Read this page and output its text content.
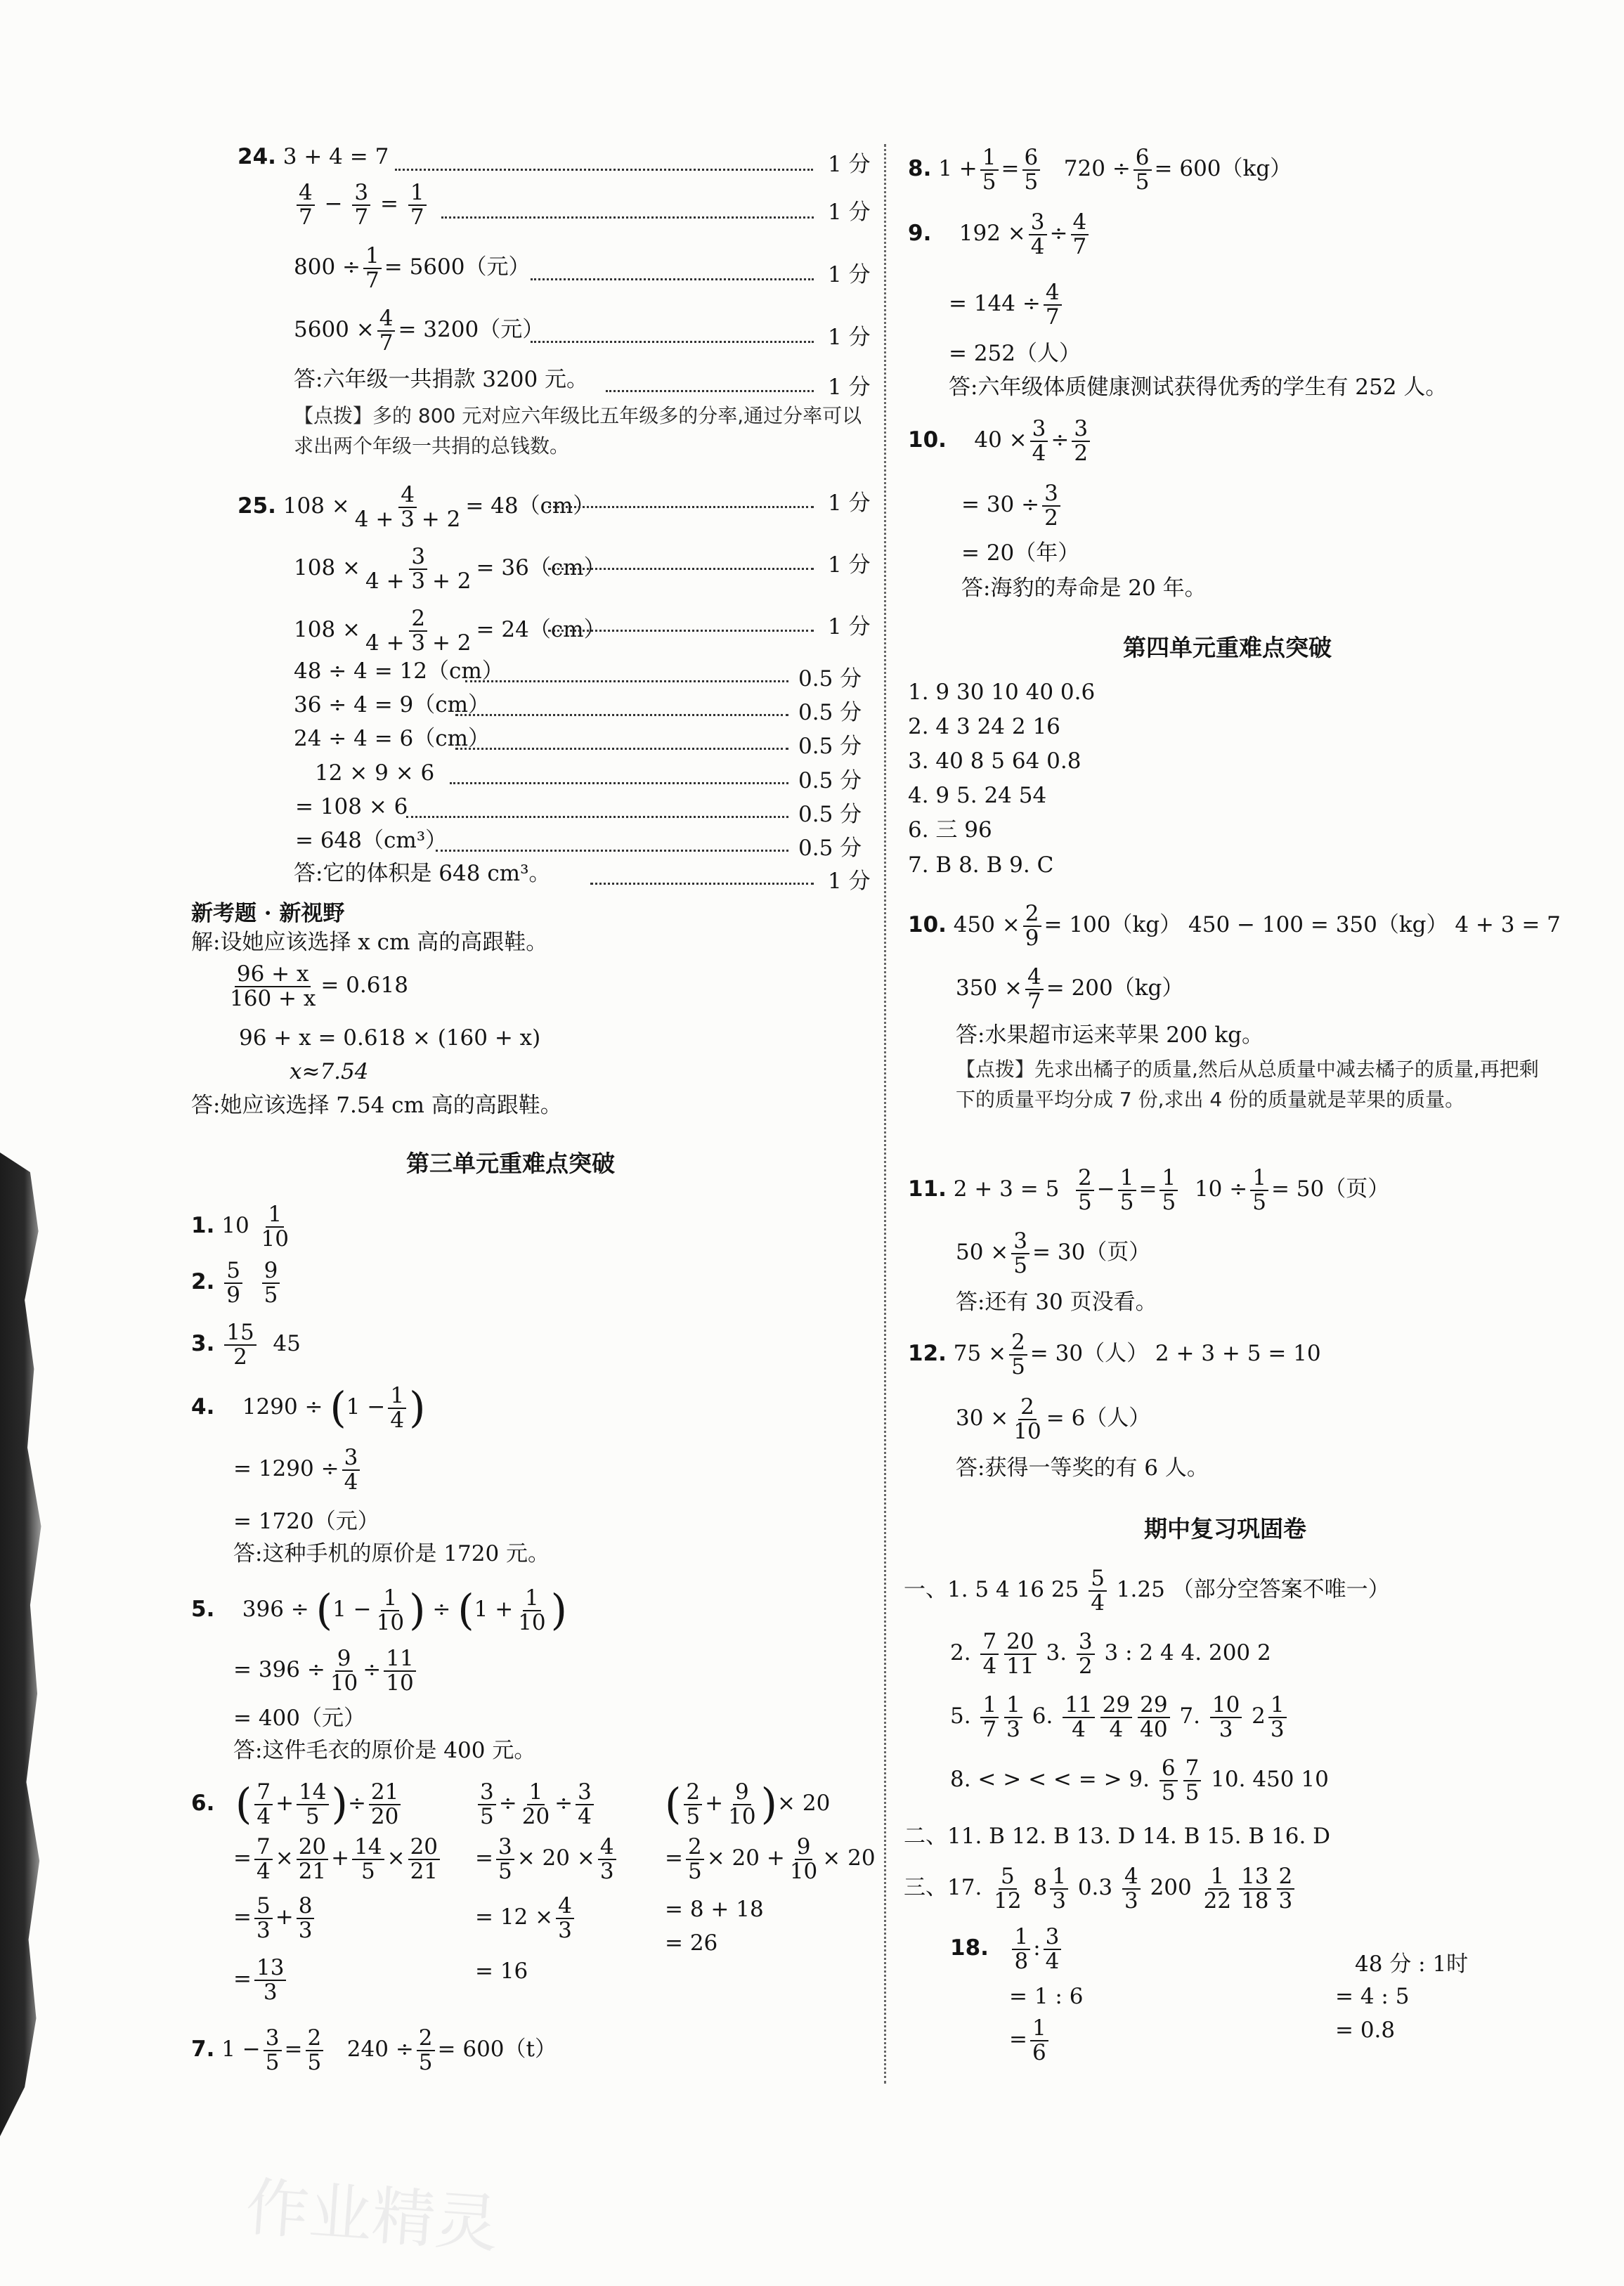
作业精灵
24. 3 + 4 = 7
$\frac{4}{7} - \frac{3}{7} = \frac{1}{7}$
$800 \div \frac{1}{7} = 5600$（元）
$5600 \times \frac{4}{7} = 3200$（元）
答:六年级一共捐款 3200 元。
【点拨】多的 800 元对应六年级比五年级多的分率,通过分率可以求出两个年级一共捐的总钱数。
1 分
1 分
1 分
1 分
1 分
25. $108 \times \frac{4}{4 + 3 + 2} = 48(cm)$
$108 \times \frac{3}{4 + 3 + 2} = 36(cm)$
$108 \times \frac{2}{4 + 3 + 2} = 24(cm)$
48 ÷ 4 = 12（cm）
36 ÷ 4 = 9（cm）
24 ÷ 4 = 6（cm）
12 × 9 × 6
= 108 × 6
= 648（cm³）
答:它的体积是 648 cm³。
1 分
1 分
1 分
0.5 分
0.5 分
0.5 分
0.5 分
0.5 分
0.5 分
1 分
新考题 · 新视野
解:设她应该选择 x cm 高的高跟鞋。
$\frac{96 + x}{160 + x} = 0.618$
96 + x = 0.618 × (160 + x)
x≈7.54
答:她应该选择 7.54 cm 高的高跟鞋。
第三单元重难点突破
1. $10 \frac{1}{10}$
2. $\frac{5}{9}$
$\frac{9}{5}$
3. $\frac{15}{2} 45$
4. $1290 \div (1 - \frac{1}{4}$ )
= $1290 \div \frac{3}{4}$
= 1720（元）
答:这种手机的原价是 1720 元。
5. $396 \div (1 - \frac{1}{10}$ ) ÷ ($1 + \frac{1}{10}$ )
= $396 \div \frac{9}{10} \div \frac{11}{10}$
= 400（元）
答:这件毛衣的原价是 400 元。
6. ( $\frac{7}{4} + \frac{14}{5}$ )÷ $\frac{21}{20}$
= $\frac{7}{4} \times \frac{20}{21} + \frac{14}{5} \times \frac{20}{21}$
= $\frac{5}{3} + \frac{8}{3}$
= $\frac{13}{3}$
$\frac{3}{5} \div \frac{1}{20} \div \frac{3}{4}$
= $\frac{3}{5} \times 20 \times \frac{4}{3}$
= $12 \times \frac{4}{3}$
= 16
( $\frac{2}{5} + \frac{9}{10}$ )× 20
= $\frac{2}{5} \times 20 + \frac{9}{10} \times 20$
= 8 + 18
= 26
7. $1 - \frac{3}{5} = \frac{2}{5} 240 \div \frac{2}{5} = 600(t)$
8. $1 + \frac{1}{5} = \frac{6}{5} 720 \div \frac{6}{5} = 600(kg)$
9. $192 \times \frac{3}{4} \div \frac{4}{7}$
= $144 \div \frac{4}{7}$
= 252（人）
答:六年级体质健康测试获得优秀的学生有 252 人。
10. $40 \times \frac{3}{4} \div \frac{3}{2}$
= $30 \div \frac{3}{2}$
= 20（年）
答:海豹的寿命是 20 年。
第四单元重难点突破
1. 9 30 10 40 0.6
2. 4 3 24 2 16
3. 40 8 5 64 0.8
4. 9 5. 24 54
6. 三 96
7. B 8. B 9. C
10. $450 \times \frac{2}{9} = 100(kg) 450 - 100 = 350(kg) 4 + 3 = 7$
$350 \times \frac{4}{7} = 200(kg)$
答:水果超市运来苹果 200 kg。
【点拨】先求出橘子的质量,然后从总质量中减去橘子的质量,再把剩下的质量平均分成 7 份,求出 4 份的质量就是苹果的质量。
11. $2 + 3 = 5 \frac{2}{5} - \frac{1}{5} = \frac{1}{5} 10 \div \frac{1}{5} = 50$（页）
$50 \times \frac{3}{5} = 30$（页）
答:还有 30 页没看。
12. $75 \times \frac{2}{5} = 30$（人） 2 + 3 + 5 = 10
$30 \times \frac{2}{10} = 6$（人）
答:获得一等奖的有 6 人。
期中复习巩固卷
一、1. 5 4 16 $25 \frac{5}{4} 1.25$ （部分空答案不唯一）
2. $\frac{7}{4} \frac{20}{11} 3$. $\frac{3}{2} 3$ : 2 4 4. 200 2
5. $\frac{1}{7} \frac{1}{3} 6$. $\frac{11}{4} \frac{29}{4} \frac{29}{40} 7$. $\frac{10}{3} 2 \frac{1}{3}$
8. < > < < = > 9. $\frac{6}{5} \frac{7}{5} 10$. 450 10
二、11. B 12. B 13. D 14. B 15. B 16. D
三、17. $\frac{5}{12} 8 \frac{1}{3} 0.3 \frac{4}{3} 200 \frac{1}{22} \frac{13}{18} \frac{2}{3}$
18. $\frac{1}{8}$ : $\frac{3}{4}$
= 1 : 6
= $\frac{1}{6}$
48 分 : 1时
= 4 : 5
= 0.8
